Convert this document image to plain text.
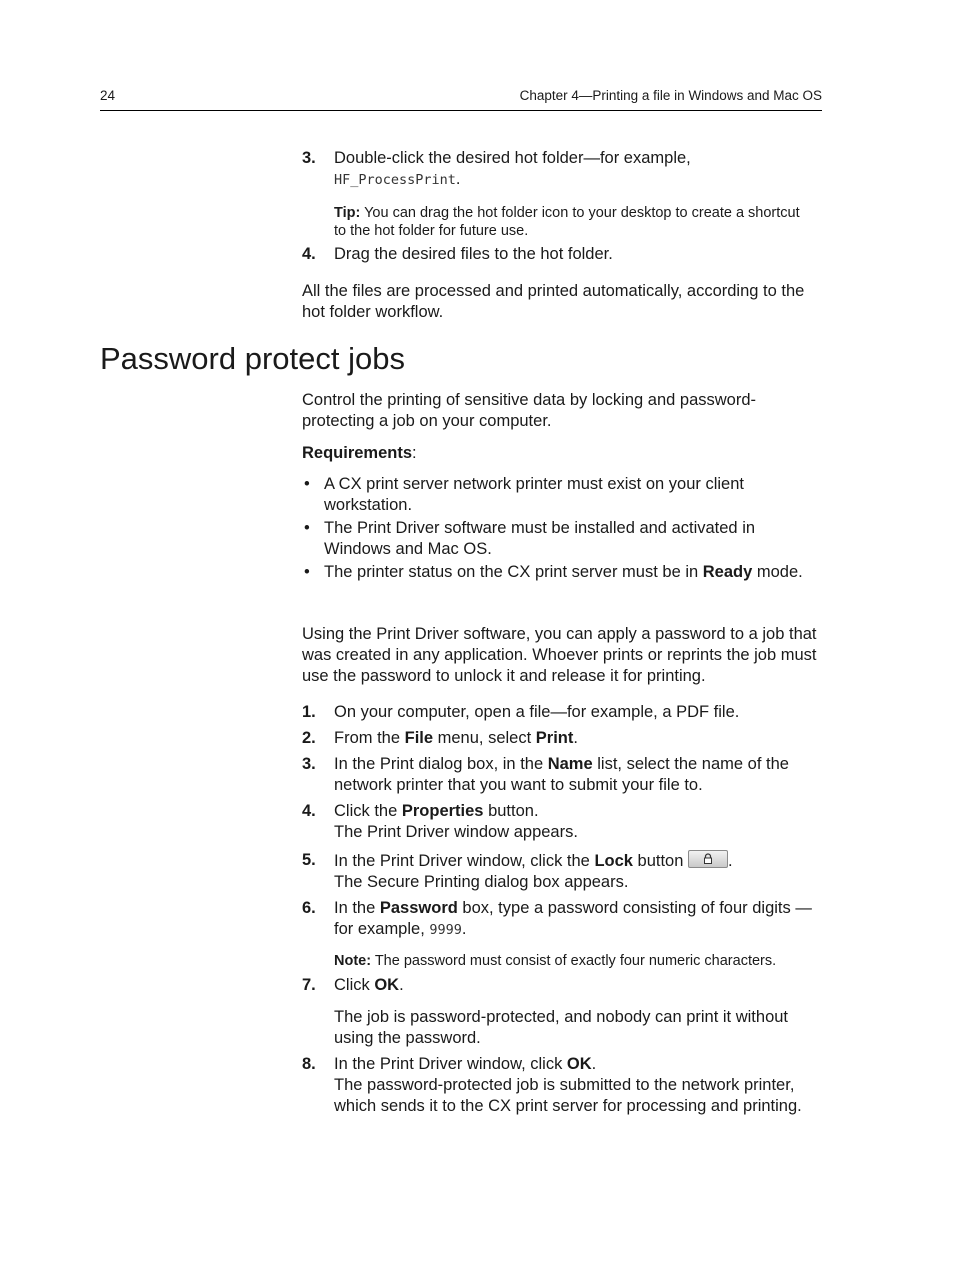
24	Chapter 4—Printing a file in Windows and Mac OS
3. Double-click the desired hot folder—for example,
HF_ProcessPrint.
Tip: You can drag the hot folder icon to your desktop to create a shortcut to the hot folder for future use.
4. Drag the desired files to the hot folder.
All the files are processed and printed automatically, according to the hot folder workflow.
Password protect jobs
Control the printing of sensitive data by locking and password-protecting a job on your computer.
Requirements:
• A CX print server network printer must exist on your client workstation.
• The Print Driver software must be installed and activated in Windows and Mac OS.
• The printer status on the CX print server must be in Ready mode.
Using the Print Driver software, you can apply a password to a job that was created in any application. Whoever prints or reprints the job must use the password to unlock it and release it for printing.
1. On your computer, open a file—for example, a PDF file.
2. From the File menu, select Print.
3. In the Print dialog box, in the Name list, select the name of the network printer that you want to submit your file to.
4. Click the Properties button.
The Print Driver window appears.
5. In the Print Driver window, click the Lock button
.
The Secure Printing dialog box appears.
6. In the Password box, type a password consisting of four digits —for example, 9999.
Note: The password must consist of exactly four numeric characters.
7. Click OK.
The job is password-protected, and nobody can print it without using the password.
8. In the Print Driver window, click OK.
The password-protected job is submitted to the network printer, which sends it to the CX print server for processing and printing.
